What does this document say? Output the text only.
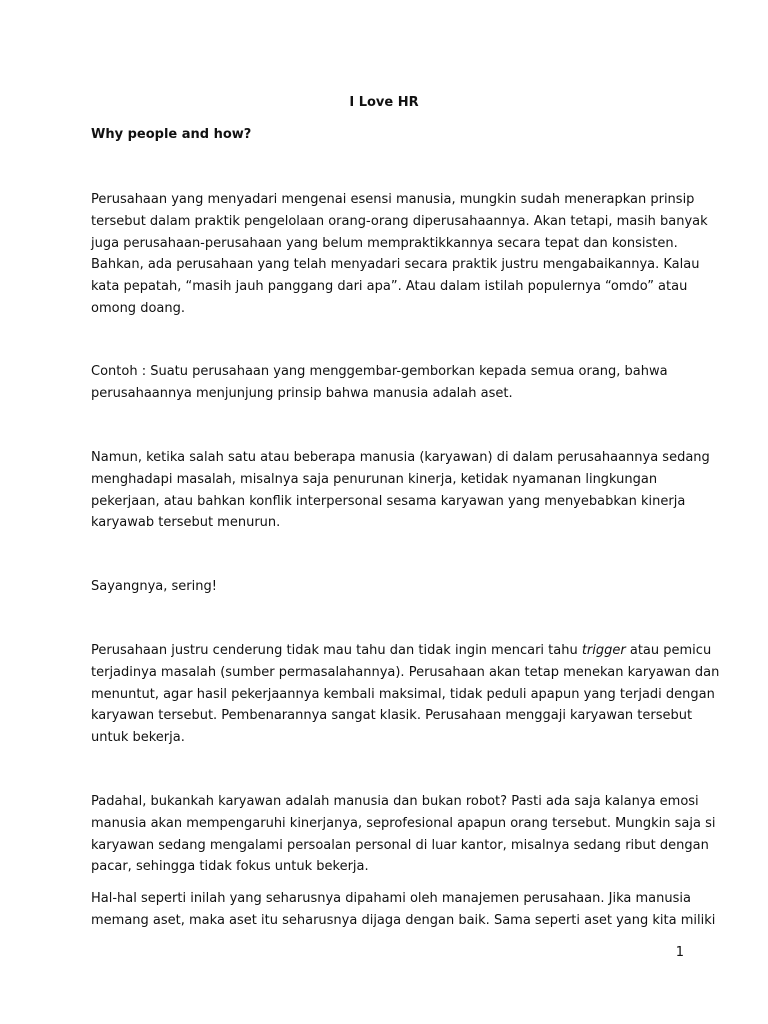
I Love HR
Why people and how?

Perusahaan yang menyadari mengenai esensi manusia, mungkin sudah menerapkan prinsip
tersebut dalam praktik pengelolaan orang-orang diperusahaannya. Akan tetapi, masih banyak
juga perusahaan-perusahaan yang belum mempraktikkannya secara tepat dan konsisten.
Bahkan, ada perusahaan yang telah menyadari secara praktik justru mengabaikannya. Kalau
kata pepatah, “masih jauh panggang dari apa”. Atau dalam istilah populernya “omdo” atau
omong doang.

Contoh : Suatu perusahaan yang menggembar-gemborkan kepada semua orang, bahwa
perusahaannya menjunjung prinsip bahwa manusia adalah aset.

Namun, ketika salah satu atau beberapa manusia (karyawan) di dalam perusahaannya sedang
menghadapi masalah, misalnya saja penurunan kinerja, ketidak nyamanan lingkungan
pekerjaan, atau bahkan konflik interpersonal sesama karyawan yang menyebabkan kinerja
karyawab tersebut menurun.

Sayangnya, sering!

Perusahaan justru cenderung tidak mau tahu dan tidak ingin mencari tahu trigger atau pemicu
terjadinya masalah (sumber permasalahannya). Perusahaan akan tetap menekan karyawan dan
menuntut, agar hasil pekerjaannya kembali maksimal, tidak peduli apapun yang terjadi dengan
karyawan tersebut. Pembenarannya sangat klasik. Perusahaan menggaji karyawan tersebut
untuk bekerja.

Padahal, bukankah karyawan adalah manusia dan bukan robot? Pasti ada saja kalanya emosi
manusia akan mempengaruhi kinerjanya, seprofesional apapun orang tersebut. Mungkin saja si
karyawan sedang mengalami persoalan personal di luar kantor, misalnya sedang ribut dengan
pacar, sehingga tidak fokus untuk bekerja.

Hal-hal seperti inilah yang seharusnya dipahami oleh manajemen perusahaan. Jika manusia
memang aset, maka aset itu seharusnya dijaga dengan baik. Sama seperti aset yang kita miliki

1
